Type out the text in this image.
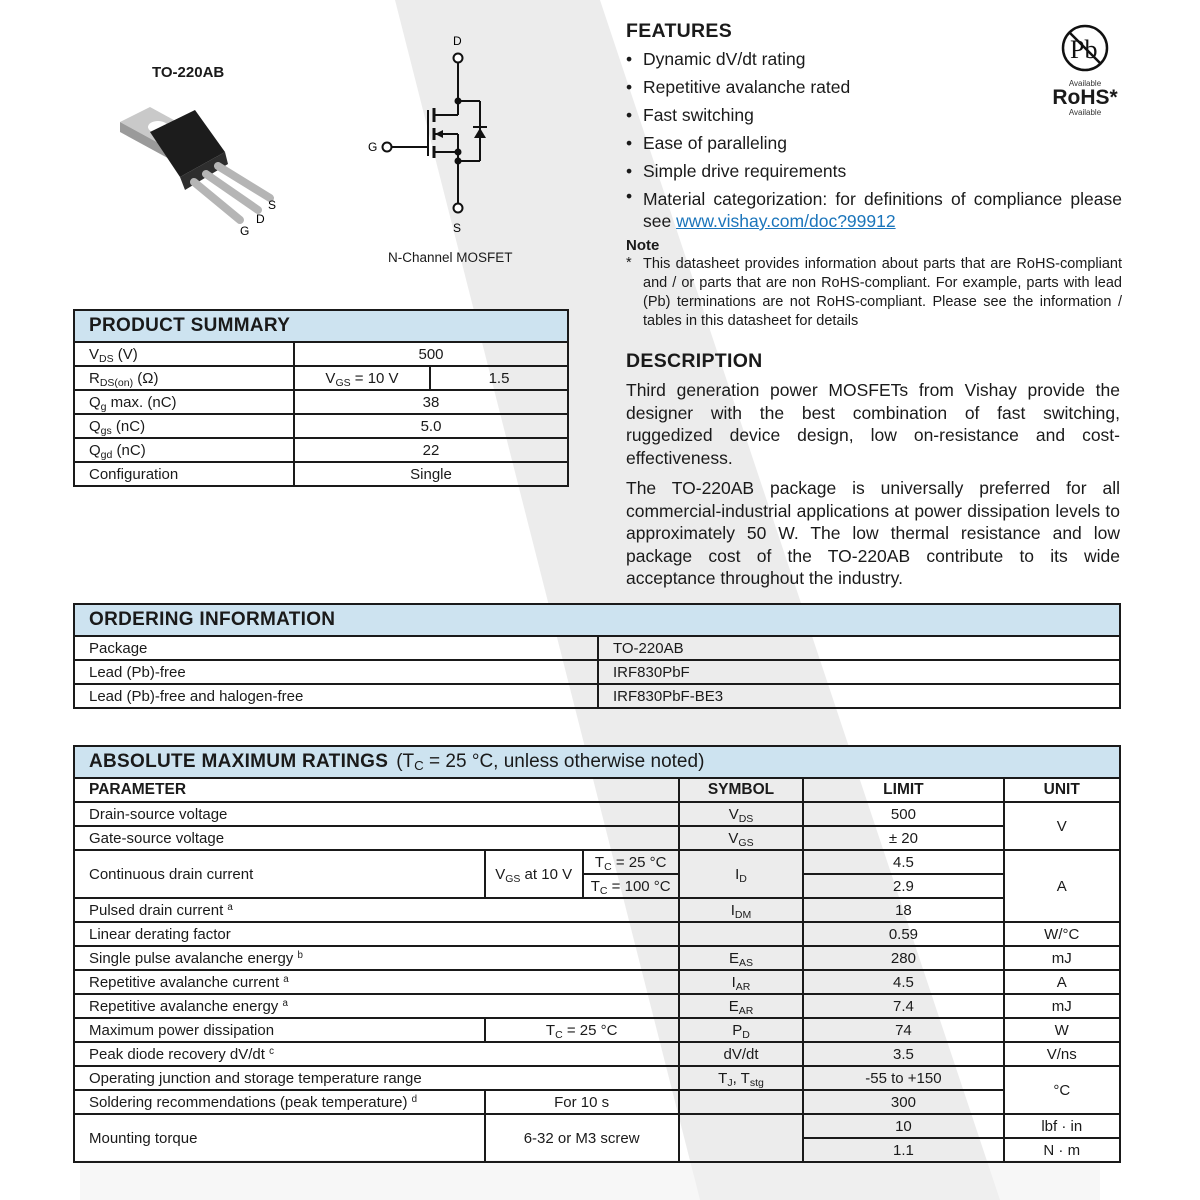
TO-220AB
G
D
S
D
G
S
N-Channel MOSFET
FEATURES
• Dynamic dV/dt rating
• Repetitive avalanche rated
• Fast switching
• Ease of paralleling
• Simple drive requirements
• Material categorization: for definitions of compliance please see www.vishay.com/doc?99912
Note
* This datasheet provides information about parts that are RoHS-compliant and / or parts that are non RoHS-compliant. For example, parts with lead (Pb) terminations are not RoHS-compliant. Please see the information / tables in this datasheet for details
Pb
Available
RoHS*
Available
DESCRIPTION

Third generation power MOSFETs from Vishay provide the designer with the best combination of fast switching, ruggedized device design, low on-resistance and cost-effectiveness.

The TO-220AB package is universally preferred for all commercial-industrial applications at power dissipation levels to approximately 50 W. The low thermal resistance and low package cost of the TO-220AB contribute to its wide acceptance throughout the industry.

PRODUCT SUMMARY		
$V_{DS}$ (V)	500	
$R_{DS(on)}$ (Ω)	$V_{GS} = 10$ V	1.5
$Q_g$ max. (nC)	38	
$Q_{gs}$ (nC)	5.0	
$Q_{gd}$ (nC)	22	
Configuration	Single	
ORDERING INFORMATION	
Package	TO-220AB
Lead (Pb)-free	IRF830PbF
Lead (Pb)-free and halogen-free	IRF830PbF-BE3
ABSOLUTE MAXIMUM RATINGS ($T_C = 25$ °C, unless otherwise noted)					
PARAMETER			SYMBOL	LIMIT	UNIT
Drain-source voltage			$V_{DS}$	500	V
Gate-source voltage			$V_{GS}$	± 20	
Continuous drain current	$V_{GS}$ at 10 V	$T_C = 25$ °C	$I_D$	4.5	A
		$T_C = 100$ °C		2.9	
Pulsed drain current $^a$			$I_{DM}$	18	
Linear derating factor				0.59	W/°C
Single pulse avalanche energy $^b$			$E_{AS}$	280	mJ
Repetitive avalanche current $^a$			$I_{AR}$	4.5	A
Repetitive avalanche energy $^a$			$E_{AR}$	7.4	mJ
Maximum power dissipation	$T_C = 25$ °C		$P_D$	74	W
Peak diode recovery dV/dt $^c$			dV/dt	3.5	V/ns
Operating junction and storage temperature range			$T_J$, $T_{stg}$	-55 to +150	°C
Soldering recommendations (peak temperature) $^d$	For 10 s			300	
Mounting torque	6-32 or M3 screw			10	lbf · in
				1.1	N · m
